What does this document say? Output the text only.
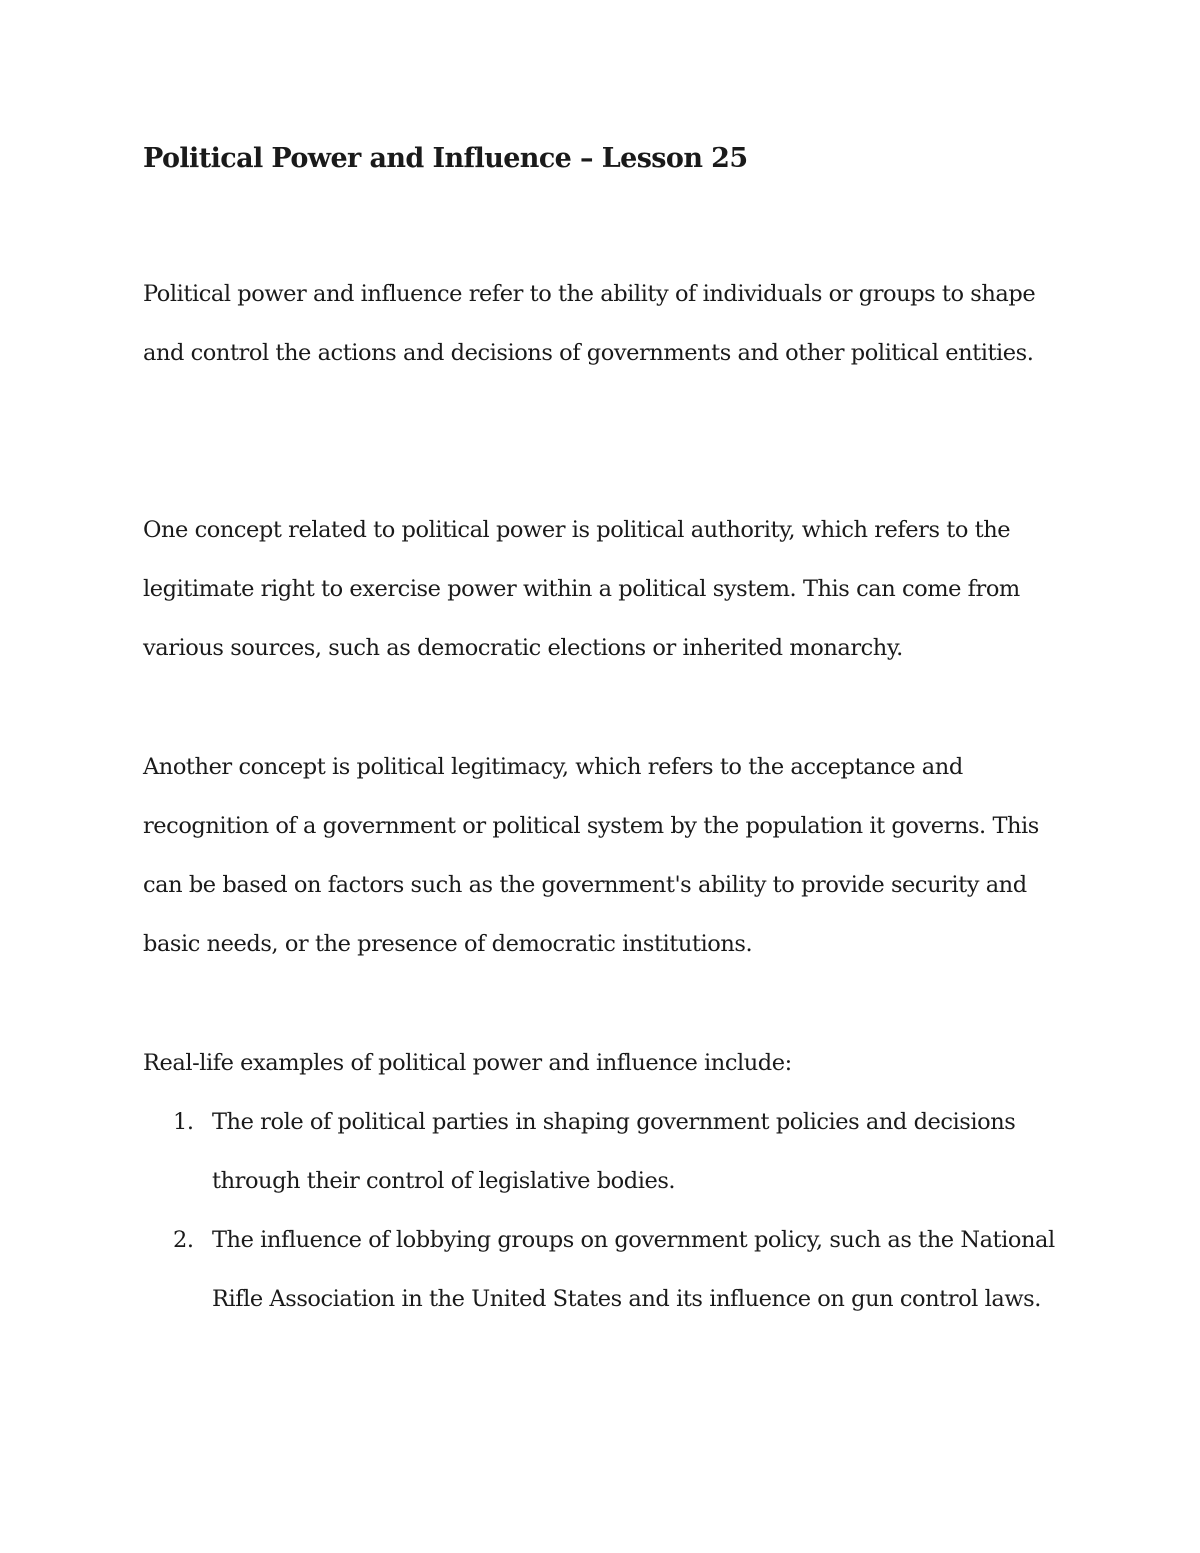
Political Power and Influence – Lesson 25

Political power and influence refer to the ability of individuals or groups to shape and control the actions and decisions of governments and other political entities.

One concept related to political power is political authority, which refers to the legitimate right to exercise power within a political system. This can come from various sources, such as democratic elections or inherited monarchy.

Another concept is political legitimacy, which refers to the acceptance and recognition of a government or political system by the population it governs. This can be based on factors such as the government's ability to provide security and basic needs, or the presence of democratic institutions.

Real-life examples of political power and influence include:

1. The role of political parties in shaping government policies and decisions through their control of legislative bodies.
2. The influence of lobbying groups on government policy, such as the National Rifle Association in the United States and its influence on gun control laws.
